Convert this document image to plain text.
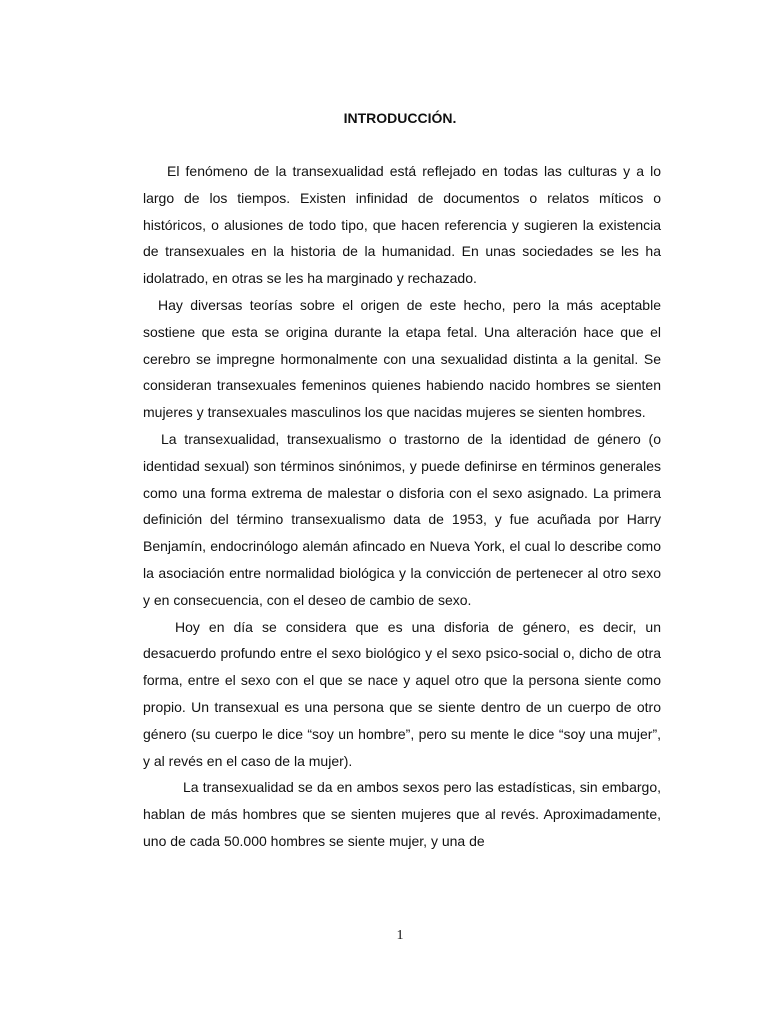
INTRODUCCIÓN.

El fenómeno de la transexualidad está reflejado en todas las culturas y a lo largo de los tiempos. Existen infinidad de documentos o relatos míticos o históricos, o alusiones de todo tipo, que hacen referencia y sugieren la existencia de transexuales en la historia de la humanidad. En unas sociedades se les ha idolatrado, en otras se les ha marginado y rechazado.

Hay diversas teorías sobre el origen de este hecho, pero la más aceptable sostiene que esta se origina durante la etapa fetal. Una alteración hace que el cerebro se impregne hormonalmente con una sexualidad distinta a la genital. Se consideran transexuales femeninos quienes habiendo nacido hombres se sienten mujeres y transexuales masculinos los que nacidas mujeres se sienten hombres.

La transexualidad, transexualismo o trastorno de la identidad de género (o identidad sexual) son términos sinónimos, y puede definirse en términos generales como una forma extrema de malestar o disforia con el sexo asignado. La primera definición del término transexualismo data de 1953, y fue acuñada por Harry Benjamín, endocrinólogo alemán afincado en Nueva York, el cual lo describe como la asociación entre normalidad biológica y la convicción de pertenecer al otro sexo y en consecuencia, con el deseo de cambio de sexo.

Hoy en día se considera que es una disforia de género, es decir, un desacuerdo profundo entre el sexo biológico y el sexo psico-social o, dicho de otra forma, entre el sexo con el que se nace y aquel otro que la persona siente como propio. Un transexual es una persona que se siente dentro de un cuerpo de otro género (su cuerpo le dice “soy un hombre”, pero su mente le dice “soy una mujer”, y al revés en el caso de la mujer).

La transexualidad se da en ambos sexos pero las estadísticas, sin embargo, hablan de más hombres que se sienten mujeres que al revés. Aproximadamente, uno de cada 50.000 hombres se siente mujer, y una de

1
